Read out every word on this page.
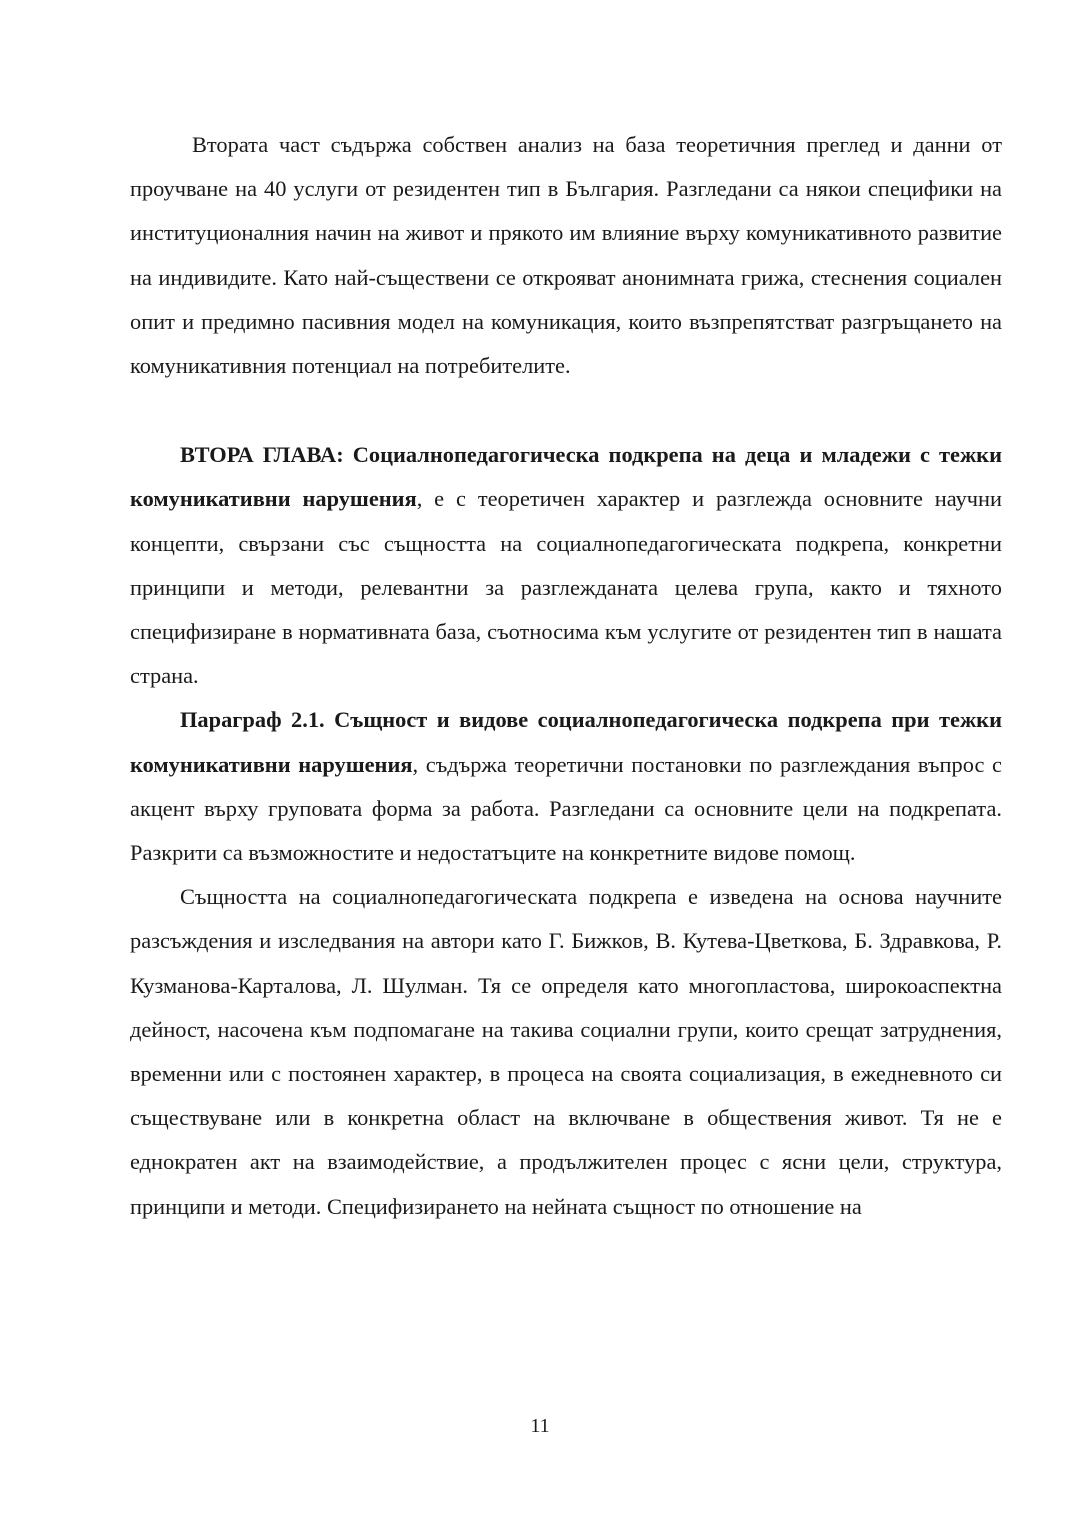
Втората част съдържа собствен анализ на база теоретичния преглед и данни от проучване на 40 услуги от резидентен тип в България. Разгледани са някои специфики на институционалния начин на живот и прякото им влияние върху комуникативното развитие на индивидите. Като най-съществени се открояват анонимната грижа, стеснения социален опит и предимно пасивния модел на комуникация, които възпрепятстват разгръщането на комуникативния потенциал на потребителите.

ВТОРА ГЛАВА: Социалнопедагогическа подкрепа на деца и младежи с тежки комуникативни нарушения, е с теоретичен характер и разглежда основните научни концепти, свързани със същността на социалнопедагогическата подкрепа, конкретни принципи и методи, релевантни за разглежданата целева група, както и тяхното специфизиране в нормативната база, съотносима към услугите от резидентен тип в нашата страна.

Параграф 2.1. Същност и видове социалнопедагогическа подкрепа при тежки комуникативни нарушения, съдържа теоретични постановки по разглеждания въпрос с акцент върху груповата форма за работа. Разгледани са основните цели на подкрепата. Разкрити са възможностите и недостатъците на конкретните видове помощ.

Същността на социалнопедагогическата подкрепа е изведена на основа научните разсъждения и изследвания на автори като Г. Бижков, В. Кутева-Цветкова, Б. Здравкова, Р. Кузманова-Карталова, Л. Шулман. Тя се определя като многопластова, широкоаспектна дейност, насочена към подпомагане на такива социални групи, които срещат затруднения, временни или с постоянен характер, в процеса на своята социализация, в ежедневното си съществуване или в конкретна област на включване в обществения живот. Тя не е еднократен акт на взаимодействие, а продължителен процес с ясни цели, структура, принципи и методи. Специфизирането на нейната същност по отношение на

11
